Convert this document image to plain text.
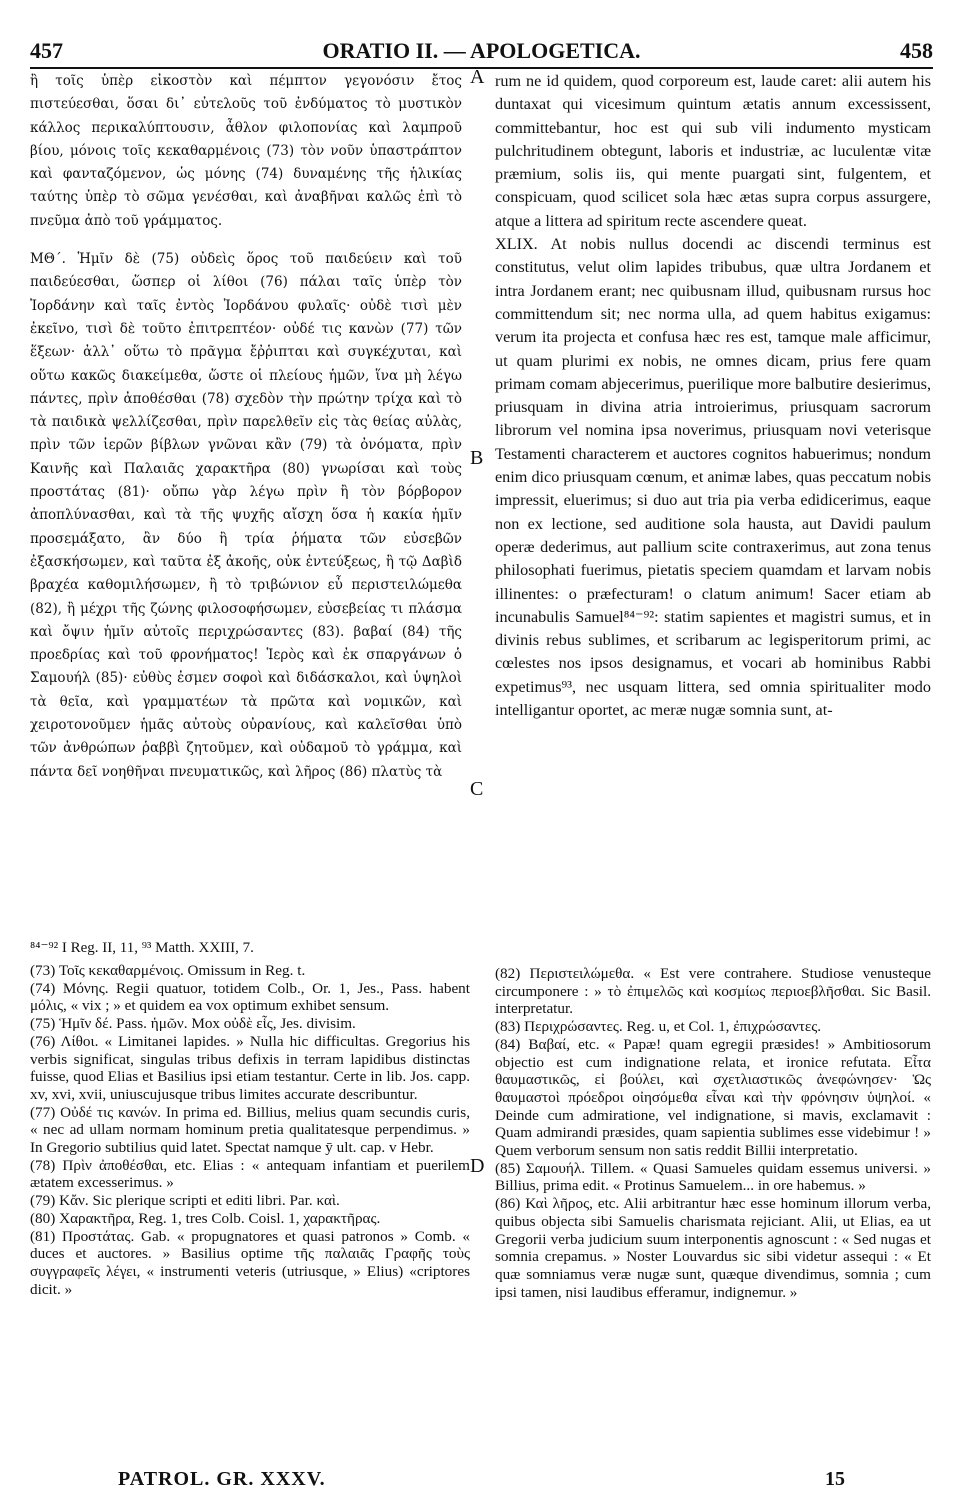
457	ORATIO II. — APOLOGETICA.	458

ἢ τοῖς ὑπὲρ εἰκοστὸν καὶ πέμπτον γεγονόσιν ἔτος πιστεύεσθαι, ὅσαι δι᾿ εὐτελοῦς τοῦ ἐνδύματος τὸ μυστικὸν κάλλος περικαλύπτουσιν, ἆθλον φιλοπονίας καὶ λαμπροῦ βίου, μόνοις τοῖς κεκαθαρμένοις (73) τὸν νοῦν ὑπαστράπτον καὶ φανταζόμενον, ὡς μόνης (74) δυναμένης τῆς ἡλικίας ταύτης ὑπὲρ τὸ σῶμα γενέσθαι, καὶ ἀναβῆναι καλῶς ἐπὶ τὸ πνεῦμα ἀπὸ τοῦ γράμματος.

ΜΘ΄. Ἡμῖν δὲ (75) οὐδεὶς ὅρος τοῦ παιδεύειν καὶ τοῦ παιδεύεσθαι, ὥσπερ οἱ λίθοι (76) πάλαι ταῖς ὑπὲρ τὸν Ἰορδάνην καὶ ταῖς ἐντὸς Ἰορδάνου φυλαῖς· οὐδὲ τισὶ μὲν ἐκεῖνο, τισὶ δὲ τοῦτο ἐπιτρεπτέον· οὐδέ τις κανὼν (77) τῶν ἕξεων· ἀλλ᾿ οὕτω τὸ πρᾶγμα ἔῤῥιπται καὶ συγκέχυται, καὶ οὕτω κακῶς διακείμεθα, ὥστε οἱ πλείους ἡμῶν, ἵνα μὴ λέγω πάντες, πρὶν ἀποθέσθαι (78) σχεδὸν τὴν πρώτην τρίχα καὶ τὸ τὰ παιδικὰ ψελλίζεσθαι, πρὶν παρελθεῖν εἰς τὰς θείας αὐλὰς, πρὶν τῶν ἱερῶν βίβλων γνῶναι κἂν (79) τὰ ὀνόματα, πρὶν Καινῆς καὶ Παλαιᾶς χαρακτῆρα (80) γνωρίσαι καὶ τοὺς προστάτας (81)· οὔπω γὰρ λέγω πρὶν ἢ τὸν βόρβορον ἀποπλύνασθαι, καὶ τὰ τῆς ψυχῆς αἴσχη ὅσα ἡ κακία ἡμῖν προσεμάξατο, ἂν δύο ἢ τρία ῥήματα τῶν εὐσεβῶν ἐξασκήσωμεν, καὶ ταῦτα ἐξ ἀκοῆς, οὐκ ἐντεύξεως, ἢ τῷ Δαβὶδ βραχέα καθομιλήσωμεν, ἢ τὸ τριβώνιον εὖ περιστειλώμεθα (82), ἢ μέχρι τῆς ζώνης φιλοσοφήσωμεν, εὐσεβείας τι πλάσμα καὶ ὄψιν ἡμῖν αὐτοῖς περιχρώσαντες (83). βαβαί (84) τῆς προεδρίας καὶ τοῦ φρονήματος! Ἱερὸς καὶ ἐκ σπαργάνων ὁ Σαμουήλ (85)· εὐθὺς ἐσμεν σοφοὶ καὶ διδάσκαλοι, καὶ ὑψηλοὶ τὰ θεῖα, καὶ γραμματέων τὰ πρῶτα καὶ νομικῶν, καὶ χειροτονοῦμεν ἡμᾶς αὐτοὺς οὐρανίους, καὶ καλεῖσθαι ὑπὸ τῶν ἀνθρώπων ῥαββὶ ζητοῦμεν, καὶ οὐδαμοῦ τὸ γράμμα, καὶ πάντα δεῖ νοηθῆναι πνευματικῶς, καὶ λῆρος (86) πλατὺς τὰ

A
B
C
D

rum ne id quidem, quod corporeum est, laude caret: alii autem his duntaxat qui vicesimum quintum ætatis annum excessissent, committebantur, hoc est qui sub vili indumento mysticam pulchritudinem obtegunt, laboris et industriæ, ac luculentæ vitæ præmium, solis iis, qui mente puargati sint, fulgentem, et conspicuam, quod scilicet sola hæc ætas supra corpus assurgere, atque a littera ad spiritum recte ascendere queat.

XLIX. At nobis nullus docendi ac discendi terminus est constitutus, velut olim lapides tribubus, quæ ultra Jordanem et intra Jordanem erant; nec quibusnam illud, quibusnam rursus hoc committendum sit; nec norma ulla, ad quem habitus exigamus: verum ita projecta et confusa hæc res est, tamque male afficimur, ut quam plurimi ex nobis, ne omnes dicam, prius fere quam primam comam abjecerimus, puerilique more balbutire desierimus, priusquam in divina atria introierimus, priusquam sacrorum librorum vel nomina ipsa noverimus, priusquam novi veterisque Testamenti characterem et auctores cognitos habuerimus; nondum enim dico priusquam cœnum, et animæ labes, quas peccatum nobis impressit, eluerimus; si duo aut tria pia verba edidicerimus, eaque non ex lectione, sed auditione sola hausta, aut Davidi paulum operæ dederimus, aut pallium scite contraxerimus, aut zona tenus philosophati fuerimus, pietatis speciem quamdam et larvam nobis illinentes: o præfecturam! o clatum animum! Sacer etiam ab incunabulis Samuel⁸⁴⁻⁹²: statim sapientes et magistri sumus, et in divinis rebus sublimes, et scribarum ac legisperitorum primi, ac cœlestes nos ipsos designamus, et vocari ab hominibus Rabbi expetimus⁹³, nec usquam littera, sed omnia spiritualiter modo intelligantur oportet, ac meræ nugæ somnia sunt, at-

⁸⁴⁻⁹² I Reg. II, 11, ⁹³ Matth. XXIII, 7.

(73) Τοῖς κεκαθαρμένοις. Omissum in Reg. t.

(74) Μόνης. Regii quatuor, totidem Colb., Or. 1, Jes., Pass. habent μόλις, « vix ; » et quidem ea vox optimum exhibet sensum.

(75) Ἡμῖν δέ. Pass. ἡμῶν. Mox οὐδὲ εἷς, Jes. divisim.

(76) Λίθοι. « Limitanei lapides. » Nulla hic difficultas. Gregorius his verbis significat, singulas tribus defixis in terram lapidibus distinctas fuisse, quod Elias et Basilius ipsi etiam testantur. Certe in lib. Jos. capp. xv, xvi, xvii, uniuscujusque tribus limites accurate describuntur.

(77) Οὐδέ τις κανών. In prima ed. Billius, melius quam secundis curis, « nec ad ullam normam hominum pretia qualitatesque perpendimus. » In Gregorio subtilius quid latet. Spectat namque ȳ ult. cap. v Hebr.

(78) Πρὶν ἀποθέσθαι, etc. Elias : « antequam infantiam et puerilem ætatem excesserimus. »

(79) Κἄν. Sic plerique scripti et editi libri. Par. καὶ.

(80) Χαρακτῆρα, Reg. 1, tres Colb. Coisl. 1, χαρακτῆρας.

(81) Προστάτας. Gab. « propugnatores et quasi patronos » Comb. « duces et auctores. » Basilius optime τῆς παλαιᾶς Γραφῆς τοὺς συγγραφεῖς λέγει, « instrumenti veteris (utriusque, » Elius) «criptores dicit. »

(82) Περιστειλώμεθα. « Est vere contrahere. Studiose venusteque circumponere : » τὸ ἐπιμελῶς καὶ κοσμίως περιοεβλῆσθαι. Sic Basil. interpretatur.

(83) Περιχρώσαντες. Reg. u, et Col. 1, ἐπιχρώσαντες.

(84) Βαβαί, etc. « Papæ! quam egregii præsides! » Ambitiosorum objectio est cum indignatione relata, et ironice refutata. Εἶτα θαυμαστικῶς, εἰ βούλει, καὶ σχετλιαστικῶς ἀνεφώνησεν· Ὡς θαυμαστοὶ πρόεδροι οἰησόμεθα εἶναι καὶ τὴν φρόνησιν ὑψηλοί. « Deinde cum admiratione, vel indignatione, si mavis, exclamavit : Quam admirandi præsides, quam sapientia sublimes esse videbimur ! » Quem verborum sensum non satis reddit Billii interpretatio.

(85) Σαμουήλ. Tillem. « Quasi Samueles quidam essemus universi. » Billius, prima edit. « Protinus Samuelem... in ore habemus. »

(86) Καὶ λῆρος, etc. Alii arbitrantur hæc esse hominum illorum verba, quibus objecta sibi Samuelis charismata rejiciant. Alii, ut Elias, ea ut Gregorii verba judicium suum interponentis agnoscunt : « Sed nugas et somnia crepamus. » Noster Louvardus sic sibi videtur assequi : « Et quæ somniamus veræ nugæ sunt, quæque divendimus, somnia ; cum ipsi tamen, nisi laudibus efferamur, indignemur. »

PATROL. GR. XXXV.	15
